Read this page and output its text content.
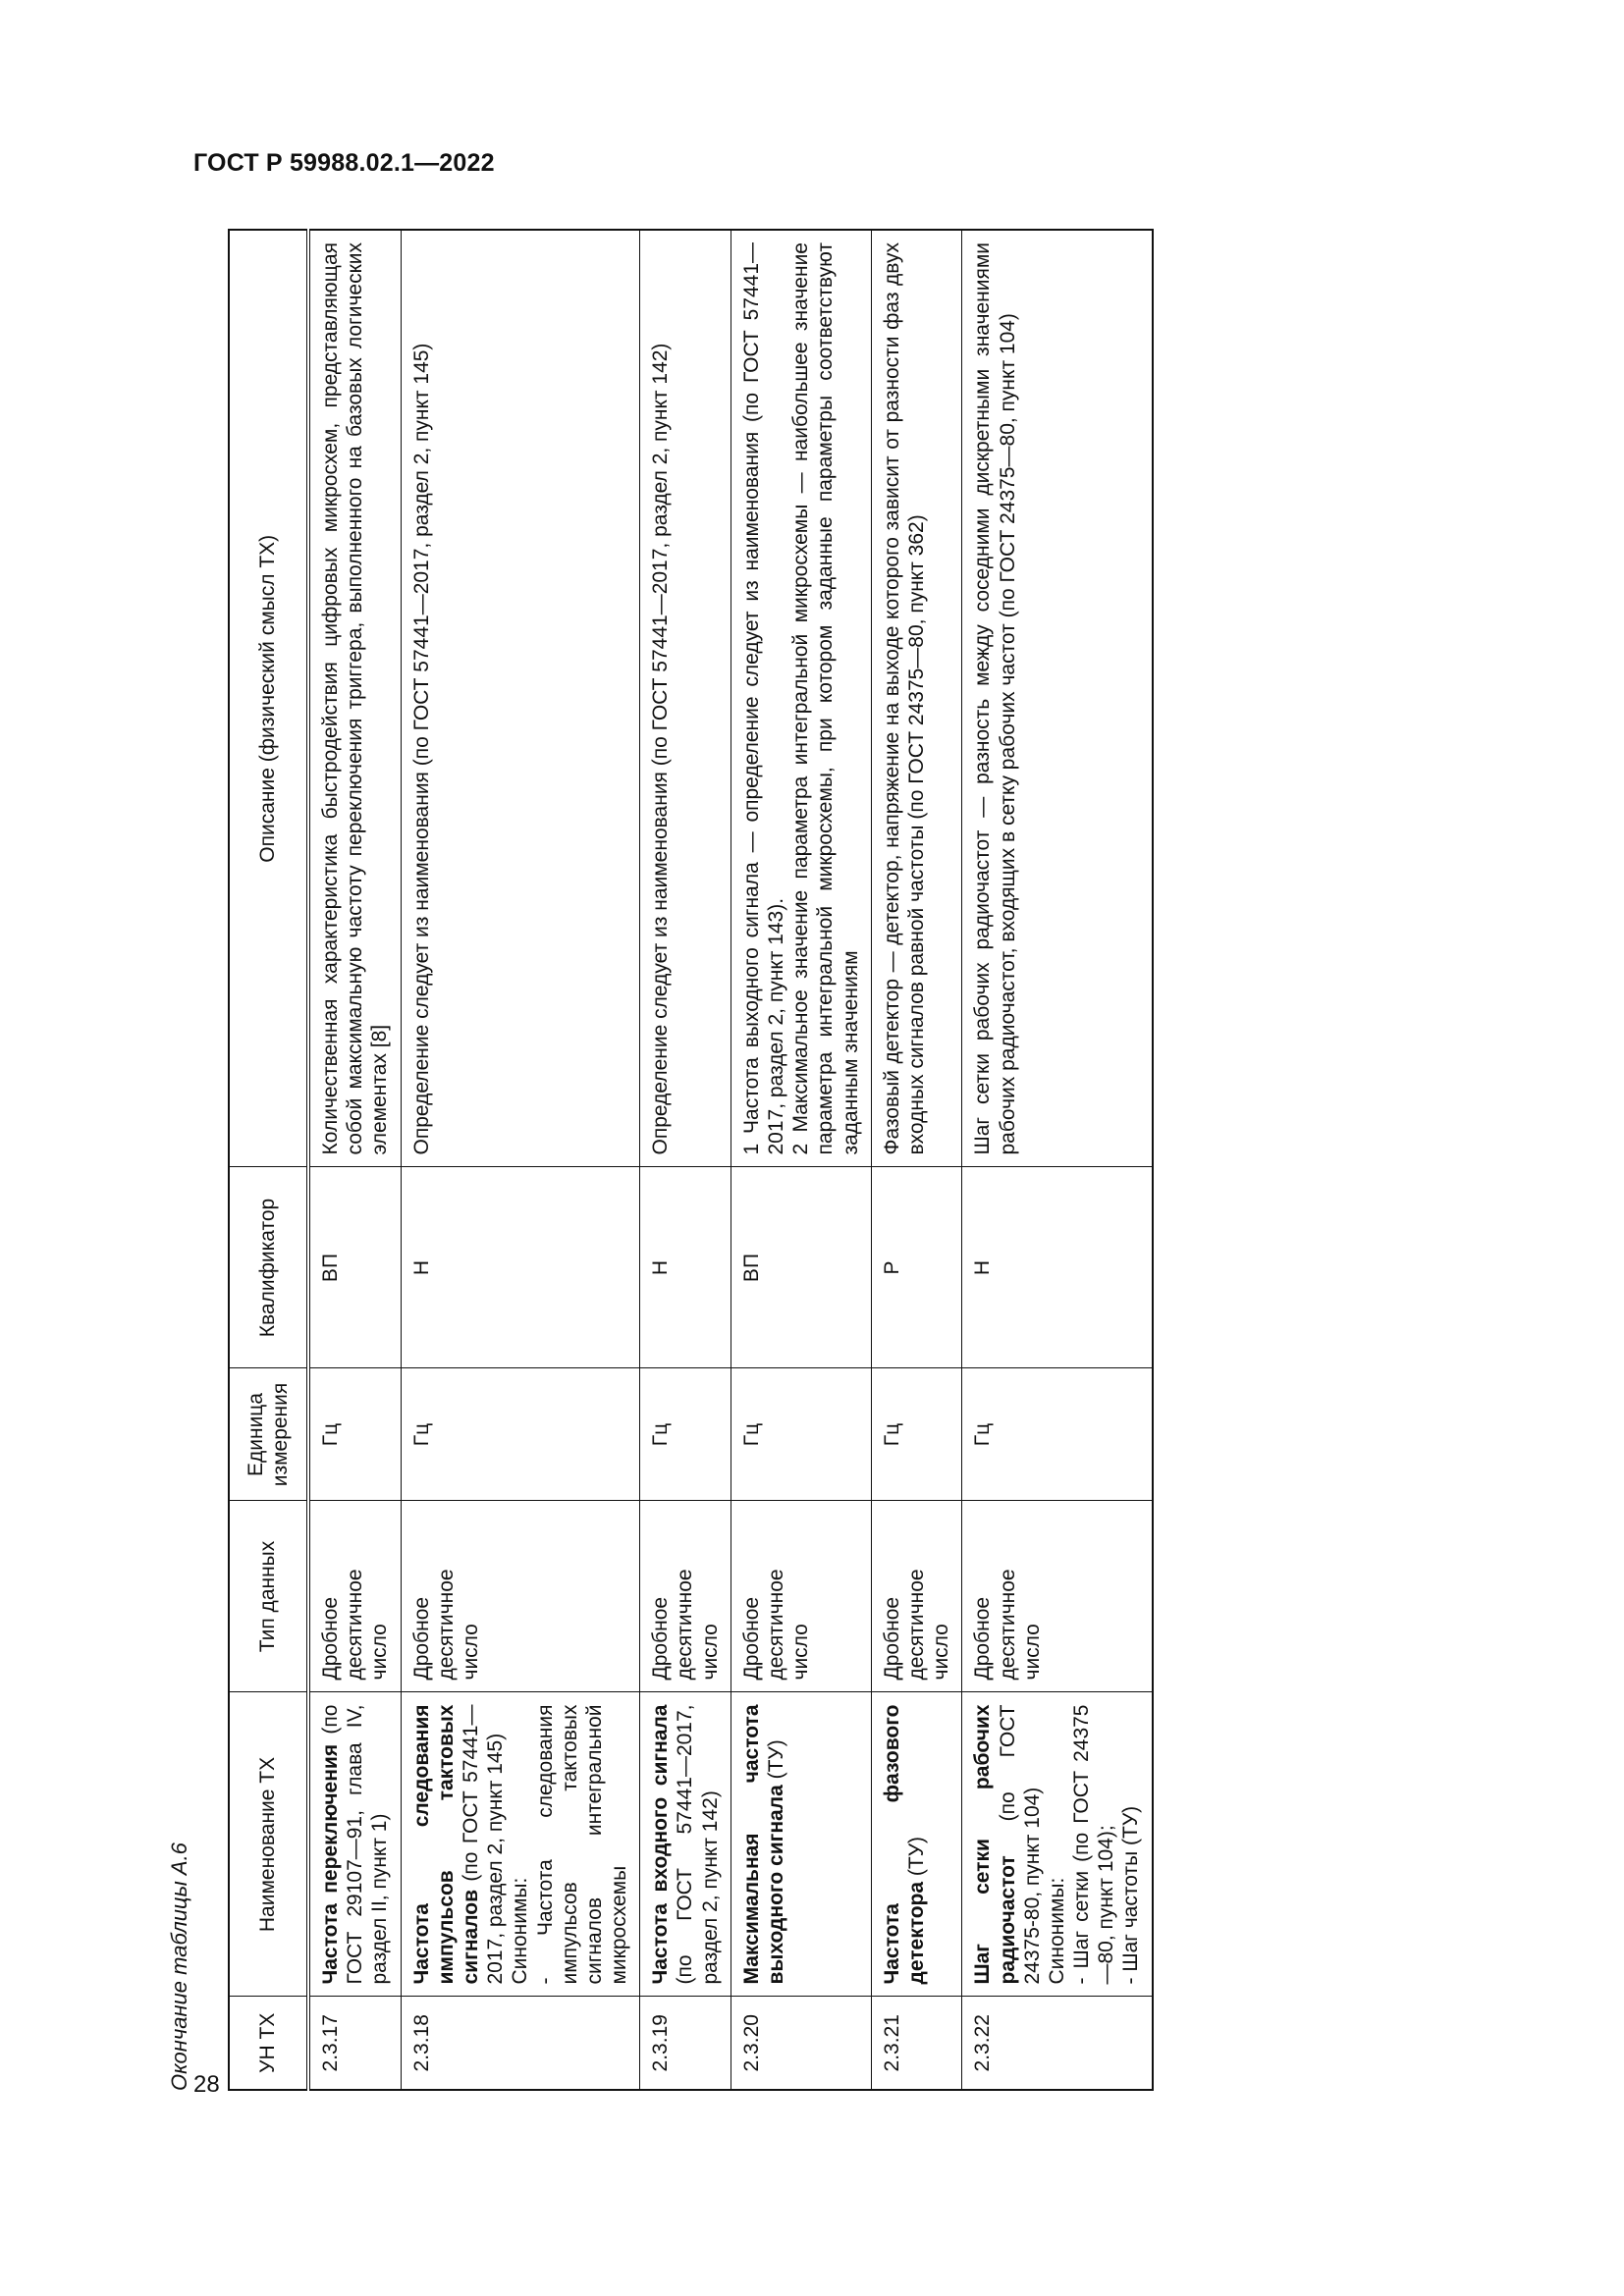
ГОСТ Р 59988.02.1—2022
28
Окончание таблицы А.6	УН ТХ	Наименование ТХ	Тип данных	Единица измерения	Квалификатор	Описание (физический смысл ТХ)
2.3.17	Частота переключения (по ГОСТ 29107—91, глава IV, раздел II, пункт 1)	Дробное десятичное число	Гц	ВП	Количественная характеристика быстродействия цифровых микросхем, представляющая собой максимальную частоту переключения триггера, выполненного на базовых логических элементах [8]

2.3.18	Частота следования импульсов тактовых сигналов (по ГОСТ 57441—2017, раздел 2, пункт 145) Синонимы: - Частота следования импульсов тактовых сигналов интегральной микросхемы	Дробное десятичное число	Гц	Н	Определение следует из наименования (по ГОСТ 57441—2017, раздел 2, пункт 145)

2.3.19	Частота входного сигнала (по ГОСТ 57441—2017, раздел 2, пункт 142)	Дробное десятичное число	Гц	Н	Определение следует из наименования (по ГОСТ 57441—2017, раздел 2, пункт 142)

2.3.20	Максимальная частота выходного сигнала (ТУ)	Дробное десятичное число	Гц	ВП	1 Частота выходного сигнала — определение следует из наименования (по ГОСТ 57441—2017, раздел 2, пункт 143). 2 Максимальное значение параметра интегральной микросхемы — наибольшее значение параметра интегральной микросхемы, при котором заданные параметры соответствуют заданным значениям

2.3.21	Частота фазового детектора (ТУ)	Дробное десятичное число	Гц	Р	Фазовый детектор — детектор, напряжение на выходе которого зависит от разности фаз двух входных сигналов равной частоты (по ГОСТ 24375—80, пункт 362)

2.3.22	Шаг сетки рабочих радиочастот (по ГОСТ 24375-80, пункт 104) Синонимы: - Шаг сетки (по ГОСТ 24375—80, пункт 104); - Шаг частоты (ТУ)	Дробное десятичное число	Гц	Н	Шаг сетки рабочих радиочастот — разность между соседними дискретными значениями рабочих радиочастот, входящих в сетку рабочих частот (по ГОСТ 24375—80, пункт 104)
